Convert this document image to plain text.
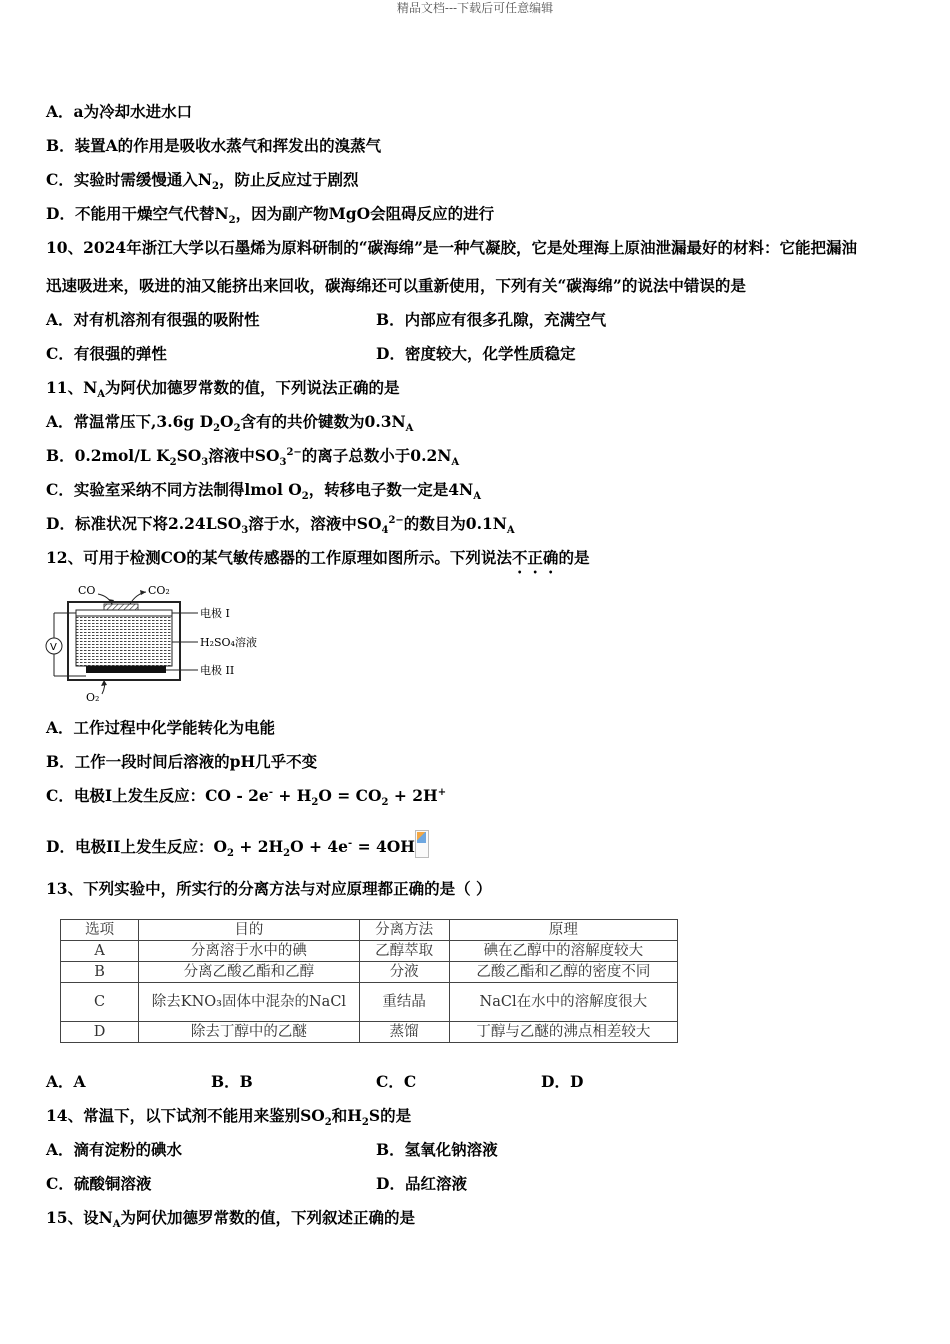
精品文档---下载后可任意编辑
A．a为冷却水进水口
B．装置A的作用是吸收水蒸气和挥发出的溴蒸气
C．实验时需缓慢通入$N_2$，防止反应过于剧烈
D．不能用干燥空气代替$N_2$，因为副产物MgO会阻碍反应的进行
10、2024年浙江大学以石墨烯为原料研制的“碳海绵”是一种气凝胶，它是处理海上原油泄漏最好的材料：它能把漏油
迅速吸进来，吸进的油又能挤出来回收，碳海绵还可以重新使用，下列有关“碳海绵”的说法中错误的是
A．对有机溶剂有很强的吸附性	B．内部应有很多孔隙，充满空气
C．有很强的弹性	D．密度较大，化学性质稳定
11、$N_A$为阿伏加德罗常数的值，下列说法正确的是
A．常温常压下,3.6g $D_2O_2$含有的共价键数为$0.3N_A$
B．0.2mol/L $K_2SO_3$溶液中$SO_3^{2-}$的离子总数小于$0.2N_A$
C．实验室采纳不同方法制得lmol $O_2$，转移电子数一定是$4N_A$
D．标准状况下将$2.24LSO_3$溶于水，溶液中$SO_4^{2-}$的数目为$0.1N_A$
12、可用于检测CO的某气敏传感器的工作原理如图所示。下列说法不正确的是
CO	CO₂
O₂
V
电极 I
H₂SO₄溶液
电极 II
A．工作过程中化学能转化为电能
B．工作一段时间后溶液的pH几乎不变
C．电极I上发生反应：CO - $2e^- + H_2O = CO_2 + 2H^+$
D．电极II上发生反应：$O_2 + 2H_2O + 4e^- = 4OH$
13、下列实验中，所实行的分离方法与对应原理都正确的是（ ）
选项	目的	分离方法	原理
A	分离溶于水中的碘	乙醇萃取	碘在乙醇中的溶解度较大
B	分离乙酸乙酯和乙醇	分液	乙酸乙酯和乙醇的密度不同
C	除去KNO₃固体中混杂的NaCl	重结晶	NaCl在水中的溶解度很大
D	除去丁醇中的乙醚	蒸馏	丁醇与乙醚的沸点相差较大
A．A	B．B	C．C	D．D
14、常温下，以下试剂不能用来鉴别$SO_2$和$H_2S$的是
A．滴有淀粉的碘水	B．氢氧化钠溶液
C．硫酸铜溶液	D．品红溶液
15、设$N_A$为阿伏加德罗常数的值，下列叙述正确的是
